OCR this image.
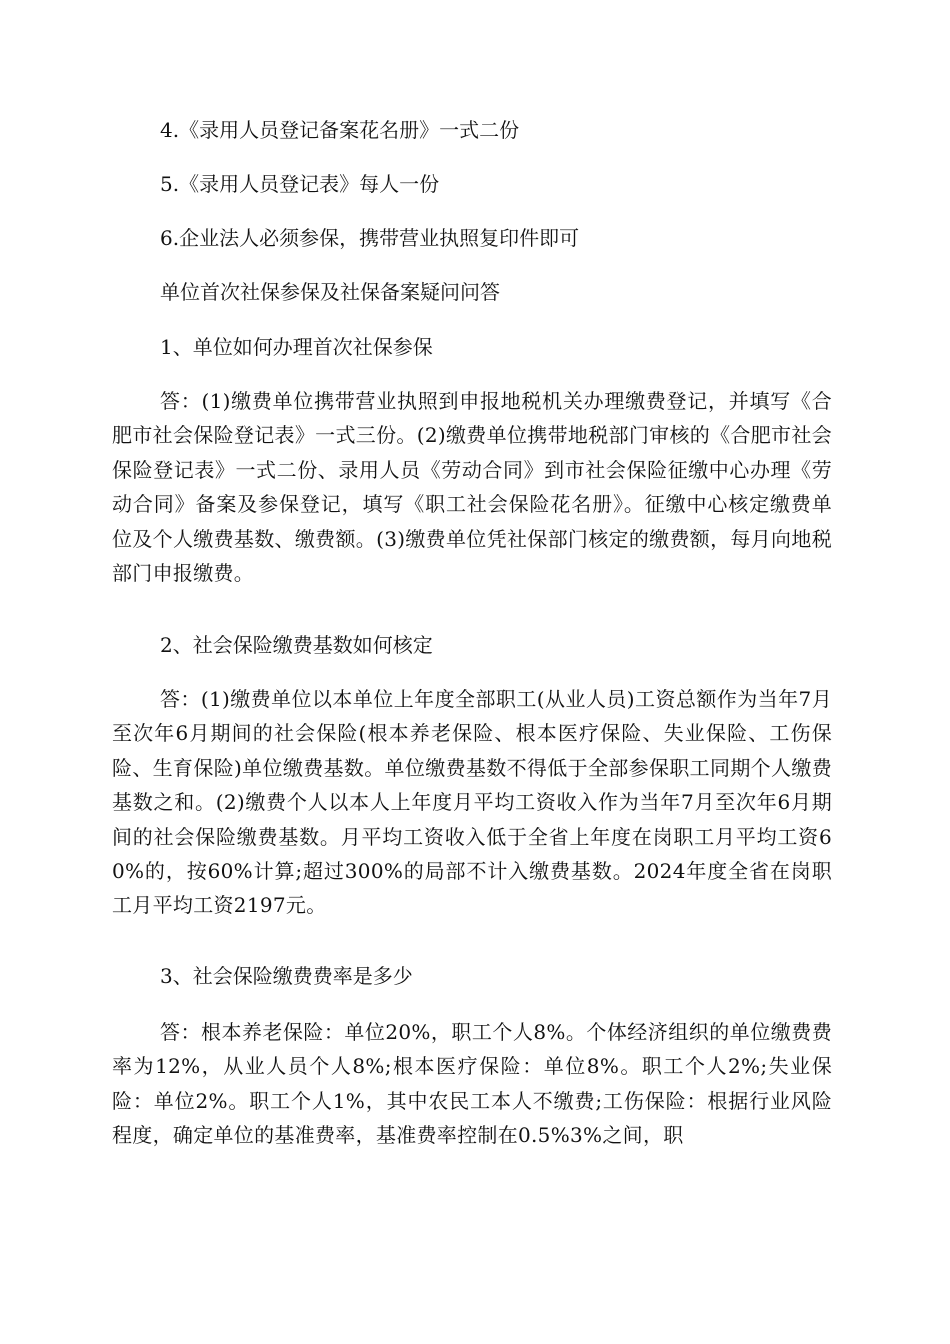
4.《录用人员登记备案花名册》一式二份
5.《录用人员登记表》每人一份
6.企业法人必须参保，携带营业执照复印件即可
单位首次社保参保及社保备案疑问问答
1、单位如何办理首次社保参保
答：(1)缴费单位携带营业执照到申报地税机关办理缴费登记，并填写《合肥市社会保险登记表》一式三份。(2)缴费单位携带地税部门审核的《合肥市社会保险登记表》一式二份、录用人员《劳动合同》到市社会保险征缴中心办理《劳动合同》备案及参保登记，填写《职工社会保险花名册》。征缴中心核定缴费单位及个人缴费基数、缴费额。(3)缴费单位凭社保部门核定的缴费额，每月向地税部门申报缴费。
2、社会保险缴费基数如何核定
答：(1)缴费单位以本单位上年度全部职工(从业人员)工资总额作为当年7月至次年6月期间的社会保险(根本养老保险、根本医疗保险、失业保险、工伤保险、生育保险)单位缴费基数。单位缴费基数不得低于全部参保职工同期个人缴费基数之和。(2)缴费个人以本人上年度月平均工资收入作为当年7月至次年6月期间的社会保险缴费基数。月平均工资收入低于全省上年度在岗职工月平均工资60%的，按60%计算;超过300%的局部不计入缴费基数。2024年度全省在岗职工月平均工资2197元。
3、社会保险缴费费率是多少
答：根本养老保险：单位20%，职工个人8%。个体经济组织的单位缴费费率为12%，从业人员个人8%;根本医疗保险：单位8%。职工个人2%;失业保险：单位2%。职工个人1%，其中农民工本人不缴费;工伤保险：根据行业风险程度，确定单位的基准费率，基准费率控制在0.5%3%之间，职
